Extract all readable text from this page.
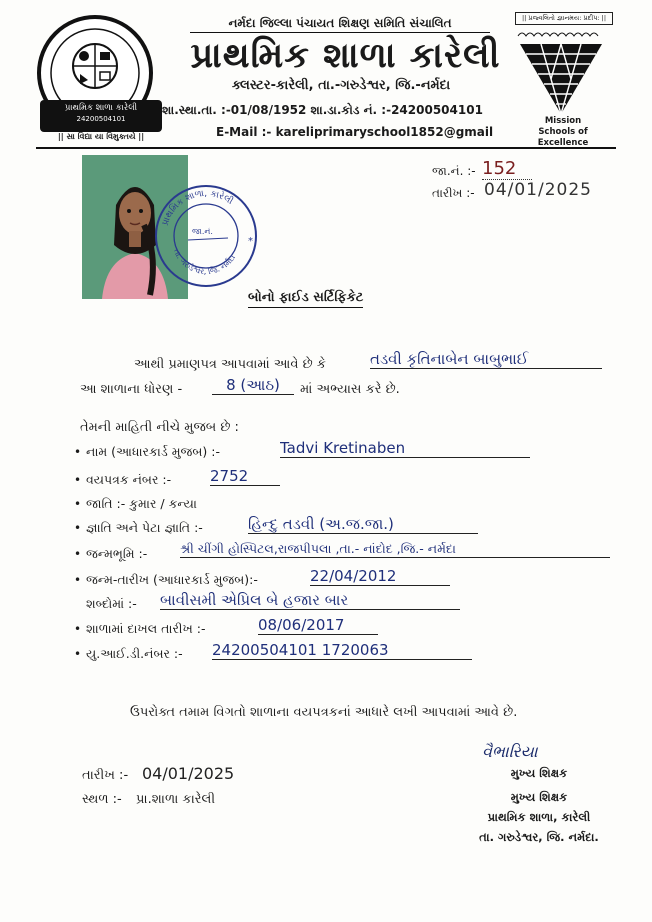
પ્રાથમિક શાળા કારેલી
24200504101
|| સા વિદ્યા યા વિમુક્તયે ||
નર્મદા જિલ્લા પંચાયત શિક્ષણ સમિતિ સંચાલિત
પ્રાથમિક શાળા કારેલી
ક્લસ્ટર-કારેલી, તા.-ગરુડેશ્વર, જિ.-નર્મદા
શા.સ્થા.તા. :-01/08/1952 શા.ડા.કોડ નં. :-24200504101
E-Mail :- kareliprimaryschool1852@gmail
|| પ્રજ્વલિતો જ્ઞાનમય: પ્રદીપ: ||
Mission
Schools of Excellence
જા.નં. :- 152
તારીખ :- 04/01/2025
પ્રાથમિક શાળા, કારેલી
તા. ગરુડેશ્વર, જિ. નર્મદા
જા.નં.
*
બોનો ફાઈડ સર્ટિફિકેટ
આથી પ્રમાણપત્ર આપવામાં આવે છે કે	તડવી કૃતિનાબેન બાબુભાઈ
આ શાળાના ધોરણ -	8 (આઠ)	માં અભ્યાસ કરે છે.
તેમની માહિતી નીચે મુજબ છે :
• નામ (આધારકાર્ડ મુજબ) :-	Tadvi Kretinaben
• વયપત્રક નંબર :-	2752
• જાતિ :- કુમાર / કન્યા
• જ્ઞાતિ અને પેટા જ્ઞાતિ :-	હિન્દુ તડવી (અ.જ.જા.)
• જન્મભૂમિ :-	શ્રી ચીંગી હોસ્પિટલ,રાજપીપલા ,તા.- નાંદોદ ,જિ.- નર્મદા
• જન્મ-તારીખ (આધારકાર્ડ મુજબ):-	22/04/2012
શબ્દોમાં :- બાવીસમી એપ્રિલ બે હજાર બાર
• શાળામાં દાખલ તારીખ :-	08/06/2017
• યુ.આઈ.ડી.નંબર :- 24200504101 1720063
ઉપરોક્ત તમામ વિગતો શાળાના વયપત્રકનાં આધારે લખી આપવામાં આવે છે.
તારીખ :- 04/01/2025
સ્થળ :- પ્રા.શાળા કારેલી
વૈભારિયા
મુખ્ય શિક્ષક
મુખ્ય શિક્ષક
પ્રાથમિક શાળા, કારેલી
તા. ગરુડેશ્વર, જિ. નર્મદા.
